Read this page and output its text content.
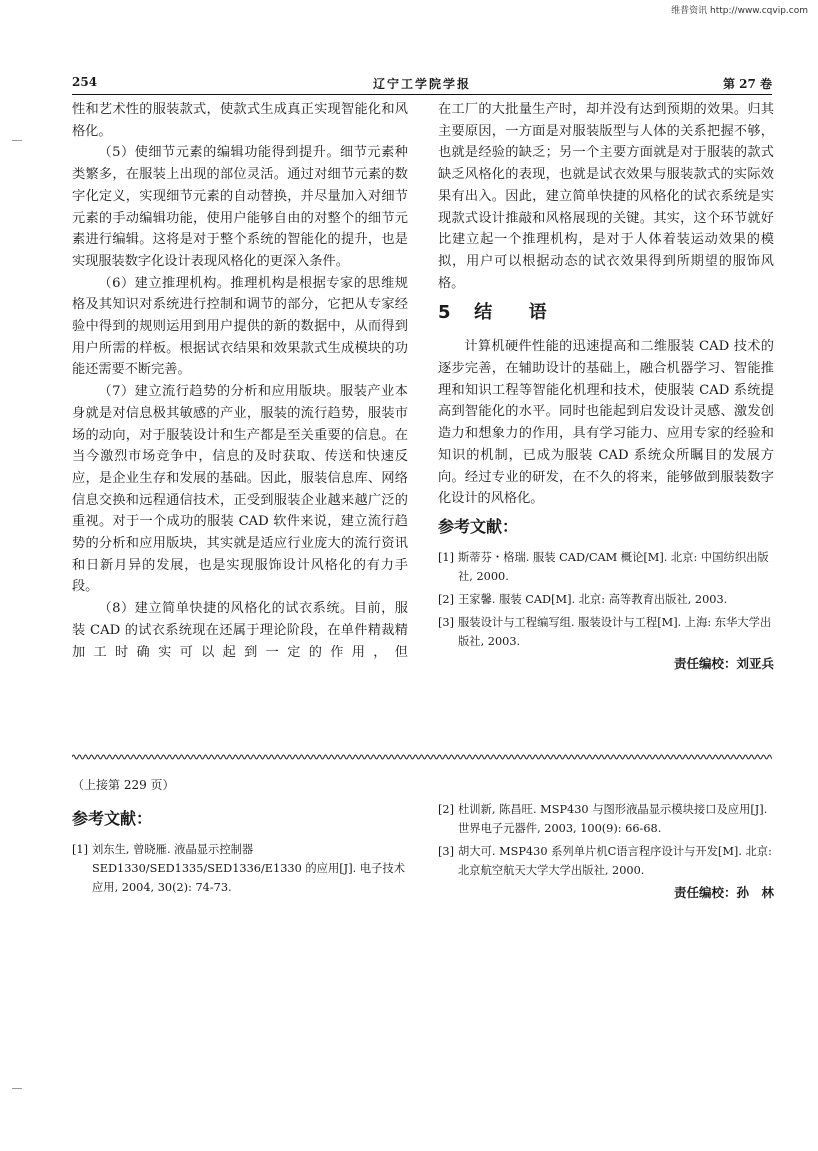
维普资讯 http://www.cqvip.com
254	辽宁工学院学报	第 27 卷

性和艺术性的服装款式，使款式生成真正实现智能化和风格化。

（5）使细节元素的编辑功能得到提升。细节元素种类繁多，在服装上出现的部位灵活。通过对细节元素的数字化定义，实现细节元素的自动替换，并尽量加入对细节元素的手动编辑功能，使用户能够自由的对整个的细节元素进行编辑。这将是对于整个系统的智能化的提升，也是实现服装数字化设计表现风格化的更深入条件。

（6）建立推理机构。推理机构是根据专家的思维规格及其知识对系统进行控制和调节的部分，它把从专家经验中得到的规则运用到用户提供的新的数据中，从而得到用户所需的样板。根据试衣结果和效果款式生成模块的功能还需要不断完善。

（7）建立流行趋势的分析和应用版块。服装产业本身就是对信息极其敏感的产业，服装的流行趋势，服装市场的动向，对于服装设计和生产都是至关重要的信息。在当今激烈市场竞争中，信息的及时获取、传送和快速反应，是企业生存和发展的基础。因此，服装信息库、网络信息交换和远程通信技术，正受到服装企业越来越广泛的重视。对于一个成功的服装 CAD 软件来说，建立流行趋势的分析和应用版块，其实就是适应行业庞大的流行资讯和日新月异的发展，也是实现服饰设计风格化的有力手段。

（8）建立简单快捷的风格化的试衣系统。目前，服装 CAD 的试衣系统现在还属于理论阶段，在单件精裁精加工时确实可以起到一定的作用，但

在工厂的大批量生产时，却并没有达到预期的效果。归其主要原因，一方面是对服装版型与人体的关系把握不够，也就是经验的缺乏；另一个主要方面就是对于服装的款式缺乏风格化的表现，也就是试衣效果与服装款式的实际效果有出入。因此，建立简单快捷的风格化的试衣系统是实现款式设计推敲和风格展现的关键。其实，这个环节就好比建立起一个推理机构，是对于人体着装运动效果的模拟，用户可以根据动态的试衣效果得到所期望的服饰风格。

5 结 语

计算机硬件性能的迅速提高和二维服装 CAD 技术的逐步完善，在辅助设计的基础上，融合机器学习、智能推理和知识工程等智能化机理和技术，使服装 CAD 系统提高到智能化的水平。同时也能起到启发设计灵感、激发创造力和想象力的作用，具有学习能力、应用专家的经验和知识的机制，已成为服装 CAD 系统众所瞩目的发展方向。经过专业的研发，在不久的将来，能够做到服装数字化设计的风格化。

参考文献：
[1] 斯蒂芬・格瑞. 服装 CAD/CAM 概论[M]. 北京: 中国纺织出版社, 2000.
[2] 王家馨. 服装 CAD[M]. 北京: 高等教育出版社, 2003.
[3] 服装设计与工程编写组. 服装设计与工程[M]. 上海: 东华大学出版社, 2003.
责任编校：刘亚兵
（上接第 229 页）
参考文献：
[1] 刘东生, 曾晓雁. 液晶显示控制器 SED1330/SED1335/SED1336/E1330 的应用[J]. 电子技术应用, 2004, 30(2): 74-73.
[2] 杜训新, 陈昌旺. MSP430 与图形液晶显示模块接口及应用[J]. 世界电子元器件, 2003, 100(9): 66-68.
[3] 胡大可. MSP430 系列单片机C语言程序设计与开发[M]. 北京: 北京航空航天大学大学出版社, 2000.
责任编校：孙　林
